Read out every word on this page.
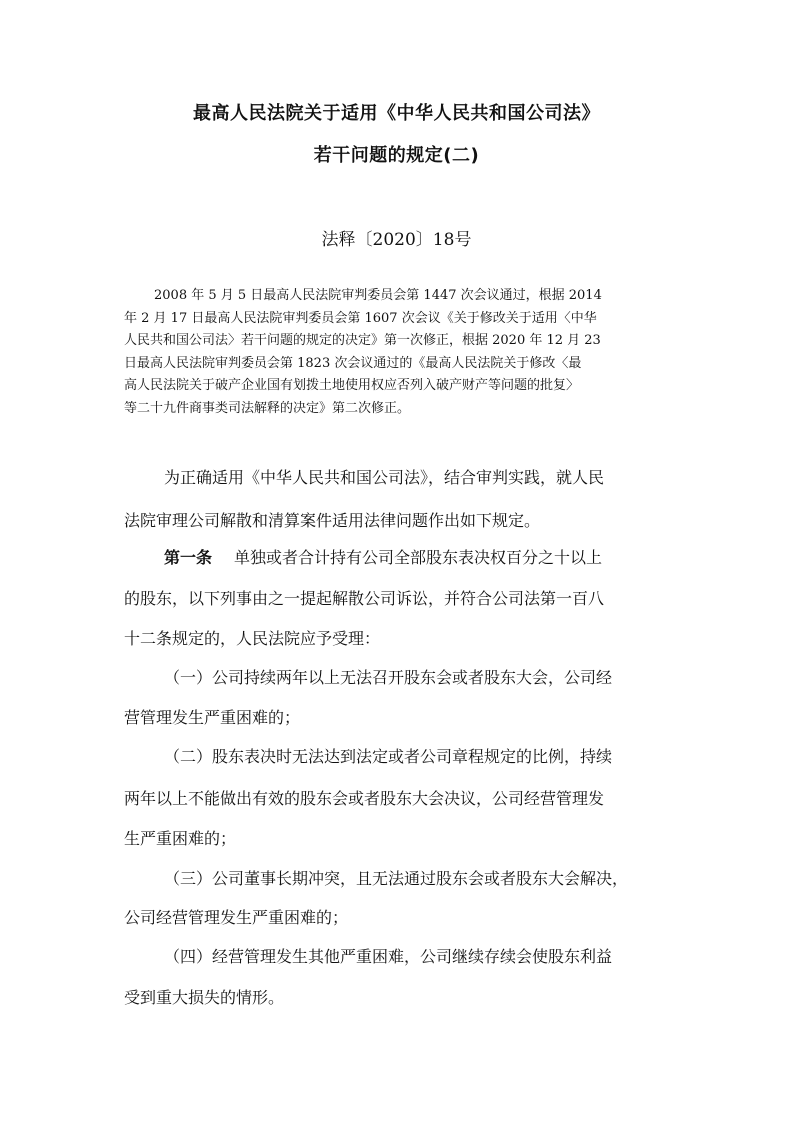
最高人民法院关于适用《中华人民共和国公司法》
若干问题的规定(二)
法释〔2020〕18号
2008 年 5 月 5 日最高人民法院审判委员会第 1447 次会议通过，根据 2014
年 2 月 17 日最高人民法院审判委员会第 1607 次会议《关于修改关于适用〈中华
人民共和国公司法〉若干问题的规定的决定》第一次修正，根据 2020 年 12 月 23
日最高人民法院审判委员会第 1823 次会议通过的《最高人民法院关于修改〈最
高人民法院关于破产企业国有划拨土地使用权应否列入破产财产等问题的批复〉
等二十九件商事类司法解释的决定》第二次修正。
为正确适用《中华人民共和国公司法》，结合审判实践，就人民
法院审理公司解散和清算案件适用法律问题作出如下规定。
第一条 单独或者合计持有公司全部股东表决权百分之十以上
的股东，以下列事由之一提起解散公司诉讼，并符合公司法第一百八
十二条规定的，人民法院应予受理：
（一）公司持续两年以上无法召开股东会或者股东大会，公司经
营管理发生严重困难的；
（二）股东表决时无法达到法定或者公司章程规定的比例，持续
两年以上不能做出有效的股东会或者股东大会决议，公司经营管理发
生严重困难的；
（三）公司董事长期冲突，且无法通过股东会或者股东大会解决，
公司经营管理发生严重困难的；
（四）经营管理发生其他严重困难，公司继续存续会使股东利益
受到重大损失的情形。
